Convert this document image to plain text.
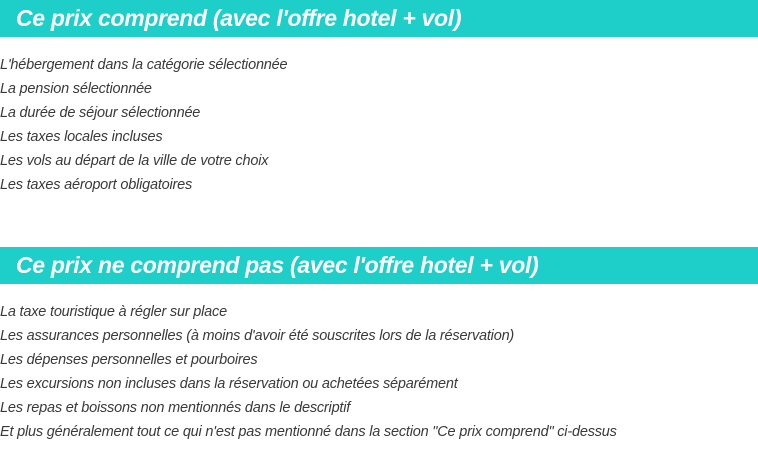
Ce prix comprend (avec l'offre hotel + vol)
L'hébergement dans la catégorie sélectionnée
La pension sélectionnée
La durée de séjour sélectionnée
Les taxes locales incluses
Les vols au départ de la ville de votre choix
Les taxes aéroport obligatoires
Ce prix ne comprend pas (avec l'offre hotel + vol)
La taxe touristique à régler sur place
Les assurances personnelles (à moins d'avoir été souscrites lors de la réservation)
Les dépenses personnelles et pourboires
Les excursions non incluses dans la réservation ou achetées séparément
Les repas et boissons non mentionnés dans le descriptif
Et plus généralement tout ce qui n'est pas mentionné dans la section "Ce prix comprend" ci-dessus
